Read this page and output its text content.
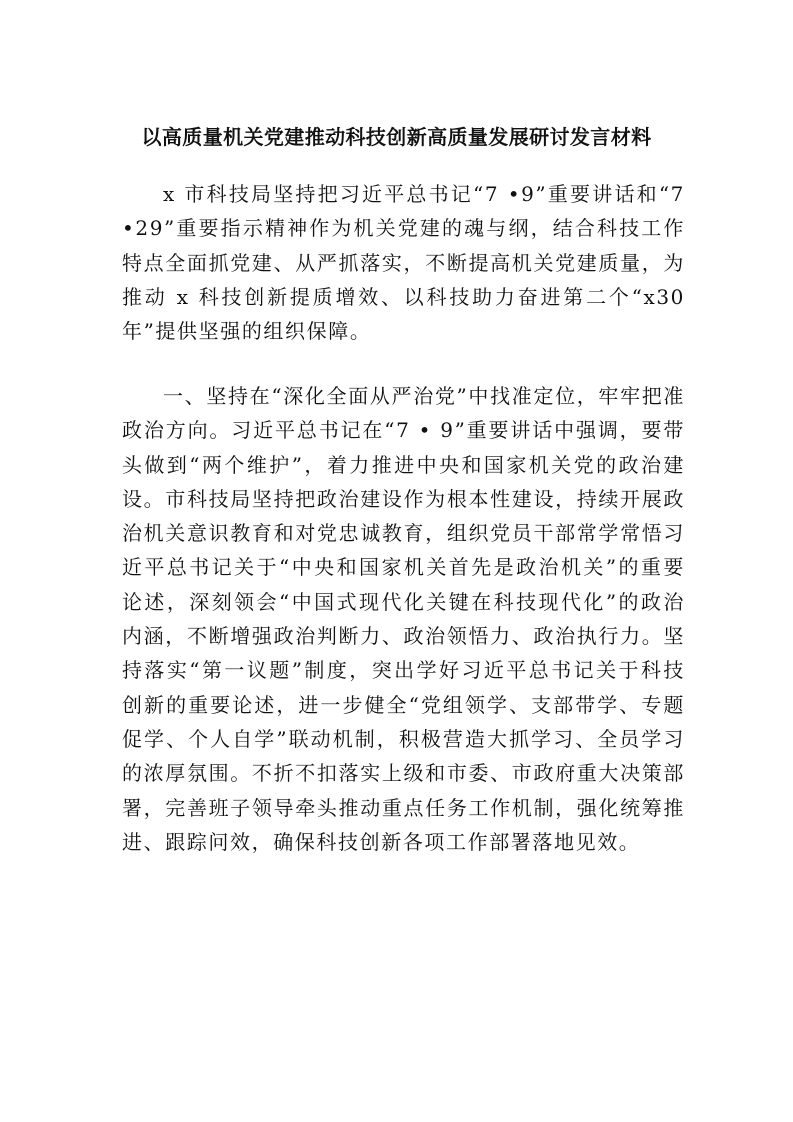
以高质量机关党建推动科技创新高质量发展研讨发言材料

x 市科技局坚持把习近平总书记“7 •9”重要讲话和“7 •29”重要指示精神作为机关党建的魂与纲，结合科技工作特点全面抓党建、从严抓落实，不断提高机关党建质量，为推动 x 科技创新提质增效、以科技助力奋进第二个“x30 年”提供坚强的组织保障。

一、坚持在“深化全面从严治党”中找准定位，牢牢把准政治方向。习近平总书记在“7 • 9”重要讲话中强调，要带头做到“两个维护”，着力推进中央和国家机关党的政治建设。市科技局坚持把政治建设作为根本性建设，持续开展政治机关意识教育和对党忠诚教育，组织党员干部常学常悟习近平总书记关于“中央和国家机关首先是政治机关”的重要论述，深刻领会“中国式现代化关键在科技现代化”的政治内涵，不断增强政治判断力、政治领悟力、政治执行力。坚持落实“第一议题”制度，突出学好习近平总书记关于科技创新的重要论述，进一步健全“党组领学、支部带学、专题促学、个人自学”联动机制，积极营造大抓学习、全员学习的浓厚氛围。不折不扣落实上级和市委、市政府重大决策部署，完善班子领导牵头推动重点任务工作机制，强化统筹推进、跟踪问效，确保科技创新各项工作部署落地见效。
